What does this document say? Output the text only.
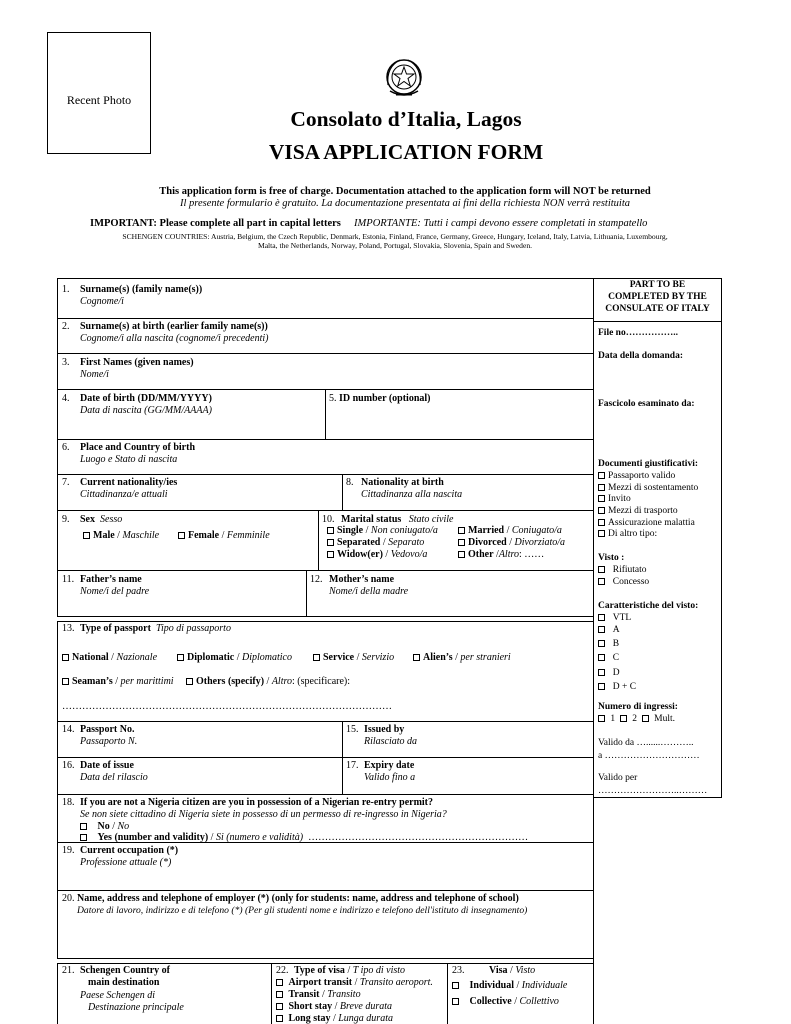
Recent Photo
Consolato d’Italia, Lagos
VISA APPLICATION FORM
This application form is free of charge. Documentation attached to the application form will NOT be returned
Il presente formulario è gratuito. La documentazione presentata ai fini della richiesta NON verrà restituita
IMPORTANT: Please complete all part in capital letters IMPORTANTE: Tutti i campi devono essere completati in stampatello
SCHENGEN COUNTRIES: Austria, Belgium, the Czech Republic, Denmark, Estonia, Finland, France, Germany, Greece, Hungary, Iceland, Italy, Latvia, Lithuania, Luxembourg,
Malta, the Netherlands, Norway, Poland, Portugal, Slovakia, Slovenia, Spain and Sweden.
1. Surname(s) (family name(s))
Cognome/i
2. Surname(s) at birth (earlier family name(s))
Cognome/i alla nascita (cognome/i precedenti)
3. First Names (given names)
Nome/i
4. Date of birth (DD/MM/YYYY)
Data di nascita (GG/MM/AAAA)
5. ID number (optional)
6. Place and Country of birth
Luogo e Stato di nascita
7. Current nationality/ies
Cittadinanza/e attuali
8. Nationality at birth
Cittadinanza alla nascita
9. Sex Sesso
Male / Maschile	Female / Femminile
10. Marital status Stato civile
Single / Non coniugato/a	Married / Coniugato/a
Separated / Separato	Divorced / Divorziato/a
Widow(er) / Vedovo/a	Other /Altro: ……
11. Father’s name
Nome/i del padre
12. Mother’s name
Nome/i della madre
13. Type of passport Tipo di passaporto
National / Nazionale	Diplomatic / Diplomatico	Service / Servizio	Alien’s / per stranieri
Seaman’s / per marittimi	Others (specify) / Altro: (specificare):
………………………………………………………………………………………
14. Passport No.
Passaporto N.
15. Issued by
Rilasciato da
16. Date of issue
Data del rilascio
17. Expiry date
Valido fino a
18. If you are not a Nigeria citizen are you in possession of a Nigerian re-entry permit?
Se non siete cittadino di Nigeria siete in possesso di un permesso di re-ingresso in Nigeria?
No / No
Yes (number and validity) / Si (numero e validità) …………………………………………………………
19. Current occupation (*)
Professione attuale (*)
20. Name, address and telephone of employer (*) (only for students: name, address and telephone of school)
Datore di lavoro, indirizzo e di telefono (*) (Per gli studenti nome e indirizzo e telefono dell'istituto di insegnamento)
21. Schengen Country of
main destination
Paese Schengen di
Destinazione principale
22. Type of visa / T ipo di visto
Airport transit / Transito aeroport.
Transit / Transito
Short stay / Breve durata
Long stay / Lunga durata
23. Visa / Visto
Individual / Individuale
Collective / Collettivo
PART TO BE
COMPLETED BY THE
CONSULATE OF ITALY
File no……………..
Data della domanda:
Fascicolo esaminato da:
Documenti giustificativi:
Passaporto valido
Mezzi di sostentamento
Invito
Mezzi di trasporto
Assicurazione malattia
Di altro tipo:
Visto :
Rifiutato
Concesso
Caratteristiche del visto:
VTL
A
B
C
D
D + C
Numero di ingressi:
1 2 Mult.
Valido da …......………..
a …………………………
Valido per
……………………..………
